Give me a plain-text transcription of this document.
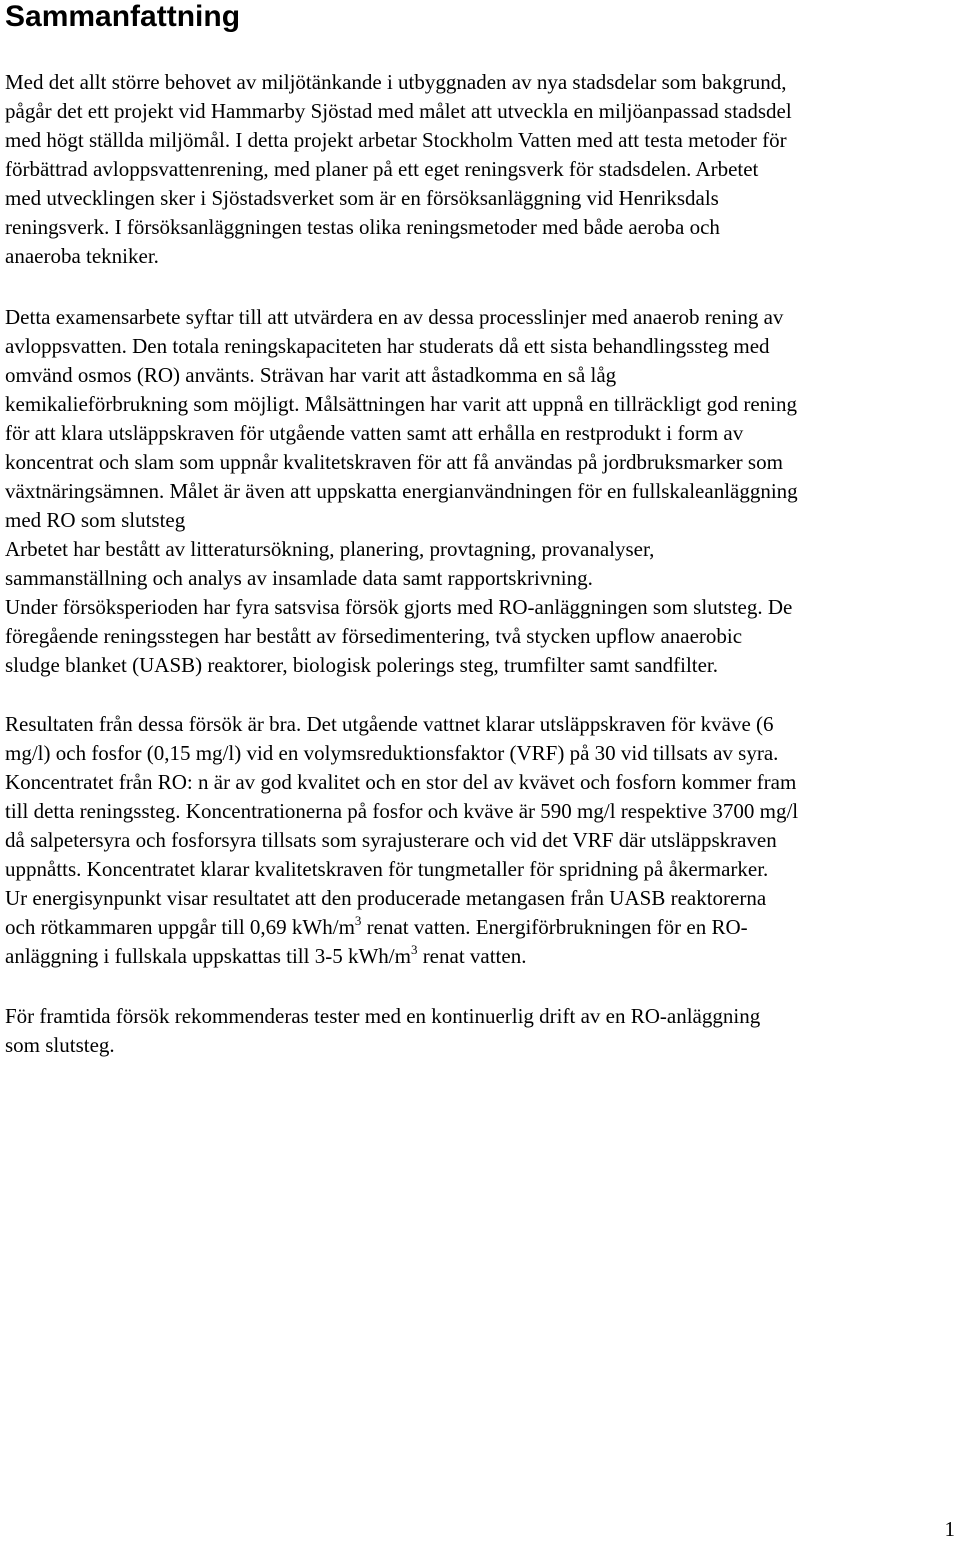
Sammanfattning
Med det allt större behovet av miljötänkande i utbyggnaden av nya stadsdelar som bakgrund,
pågår det ett projekt vid Hammarby Sjöstad med målet att utveckla en miljöanpassad stadsdel
med högt ställda miljömål. I detta projekt arbetar Stockholm Vatten med att testa metoder för
förbättrad avloppsvattenrening, med planer på ett eget reningsverk för stadsdelen. Arbetet
med utvecklingen sker i Sjöstadsverket som är en försöksanläggning vid Henriksdals
reningsverk. I försöksanläggningen testas olika reningsmetoder med både aeroba och
anaeroba tekniker.
Detta examensarbete syftar till att utvärdera en av dessa processlinjer med anaerob rening av
avloppsvatten. Den totala reningskapaciteten har studerats då ett sista behandlingssteg med
omvänd osmos (RO) använts. Strävan har varit att åstadkomma en så låg
kemikalieförbrukning som möjligt. Målsättningen har varit att uppnå en tillräckligt god rening
för att klara utsläppskraven för utgående vatten samt att erhålla en restprodukt i form av
koncentrat och slam som uppnår kvalitetskraven för att få användas på jordbruksmarker som
växtnäringsämnen. Målet är även att uppskatta energianvändningen för en fullskaleanläggning
med RO som slutsteg
Arbetet har bestått av litteratursökning, planering, provtagning, provanalyser,
sammanställning och analys av insamlade data samt rapportskrivning.
Under försöksperioden har fyra satsvisa försök gjorts med RO-anläggningen som slutsteg. De
föregående reningsstegen har bestått av försedimentering, två stycken upflow anaerobic
sludge blanket (UASB) reaktorer, biologisk polerings steg, trumfilter samt sandfilter.
Resultaten från dessa försök är bra. Det utgående vattnet klarar utsläppskraven för kväve (6
mg/l) och fosfor (0,15 mg/l) vid en volymsreduktionsfaktor (VRF) på 30 vid tillsats av syra.
Koncentratet från RO: n är av god kvalitet och en stor del av kvävet och fosforn kommer fram
till detta reningssteg. Koncentrationerna på fosfor och kväve är 590 mg/l respektive 3700 mg/l
då salpetersyra och fosforsyra tillsats som syrajusterare och vid det VRF där utsläppskraven
uppnåtts. Koncentratet klarar kvalitetskraven för tungmetaller för spridning på åkermarker.
Ur energisynpunkt visar resultatet att den producerade metangasen från UASB reaktorerna
och rötkammaren uppgår till 0,69 kWh/$m^3$ renat vatten. Energiförbrukningen för en RO-
anläggning i fullskala uppskattas till 3-5 kWh/$m^3$ renat vatten.
För framtida försök rekommenderas tester med en kontinuerlig drift av en RO-anläggning
som slutsteg.
1
